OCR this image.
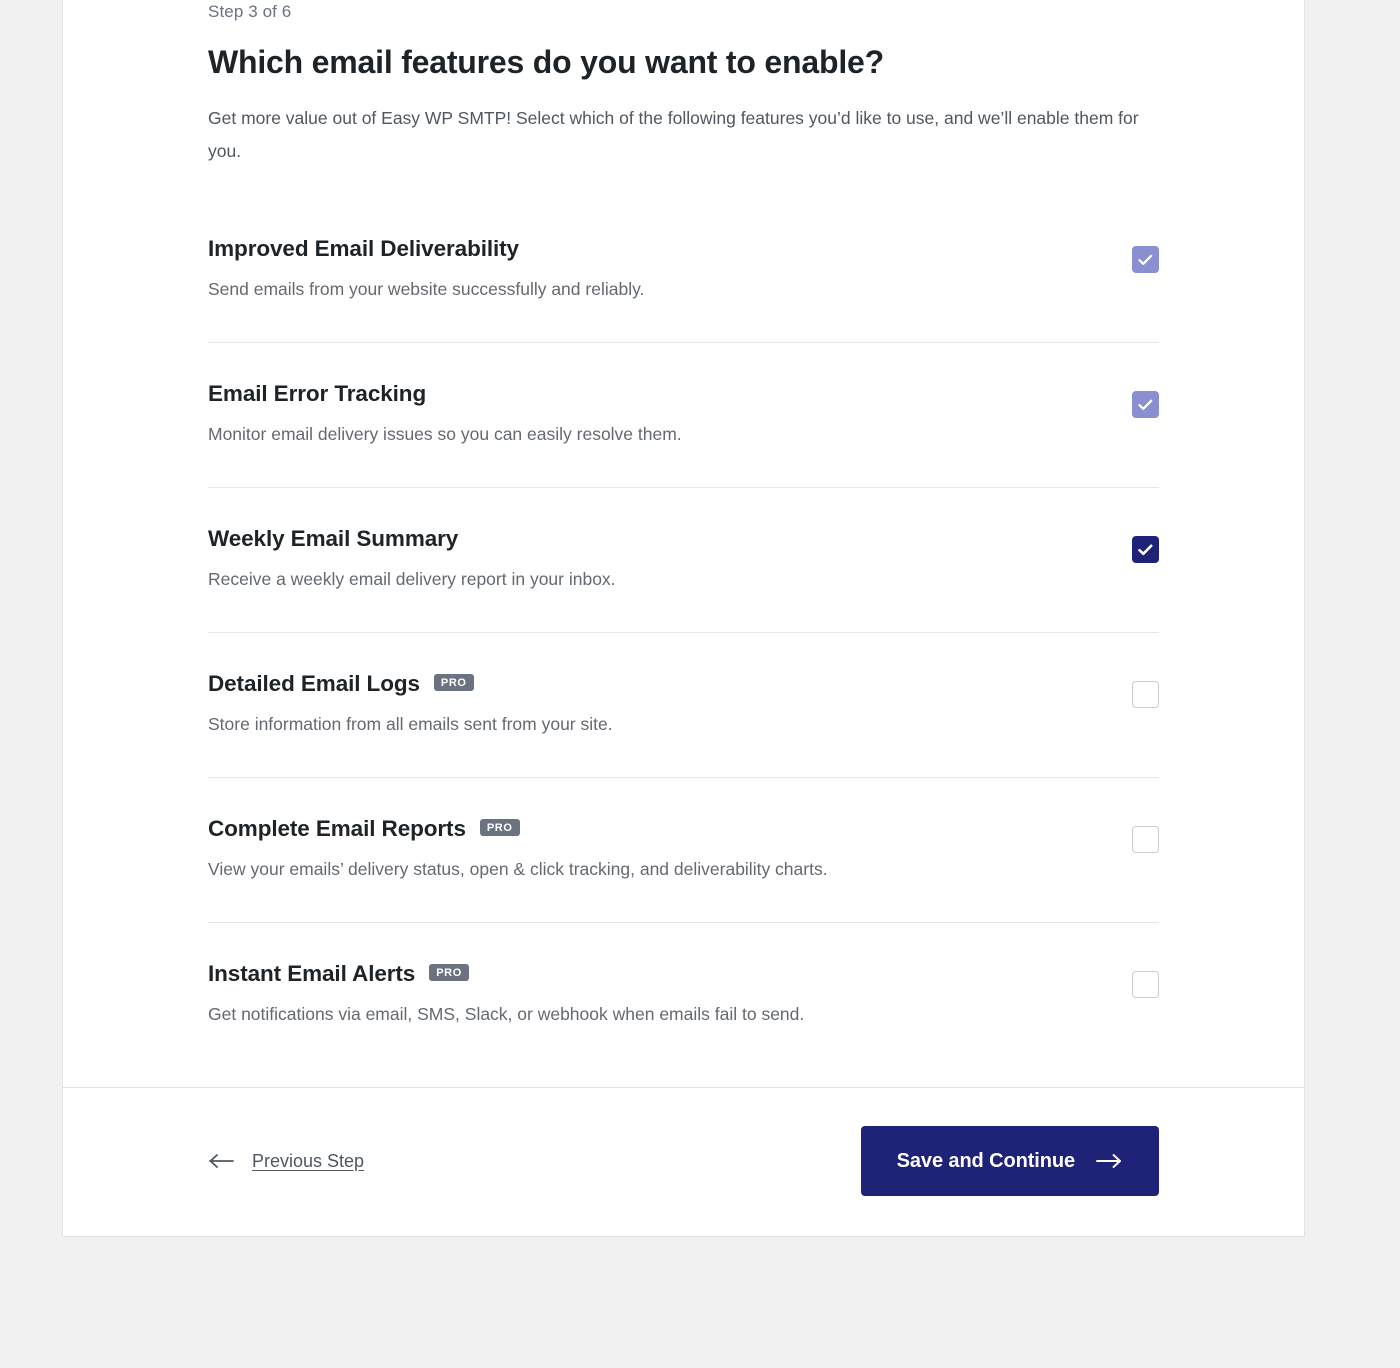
Step 3 of 6
Which email features do you want to enable?

Get more value out of Easy WP SMTP! Select which of the following features you’d like to use, and we’ll enable them for you.

Improved Email Deliverability
Send emails from your website successfully and reliably.
Email Error Tracking
Monitor email delivery issues so you can easily resolve them.
Weekly Email Summary
Receive a weekly email delivery report in your inbox.
Detailed Email Logs	PRO
Store information from all emails sent from your site.
Complete Email Reports	PRO
View your emails’ delivery status, open & click tracking, and deliverability charts.
Instant Email Alerts	PRO
Get notifications via email, SMS, Slack, or webhook when emails fail to send.
Previous Step	Save and Continue
